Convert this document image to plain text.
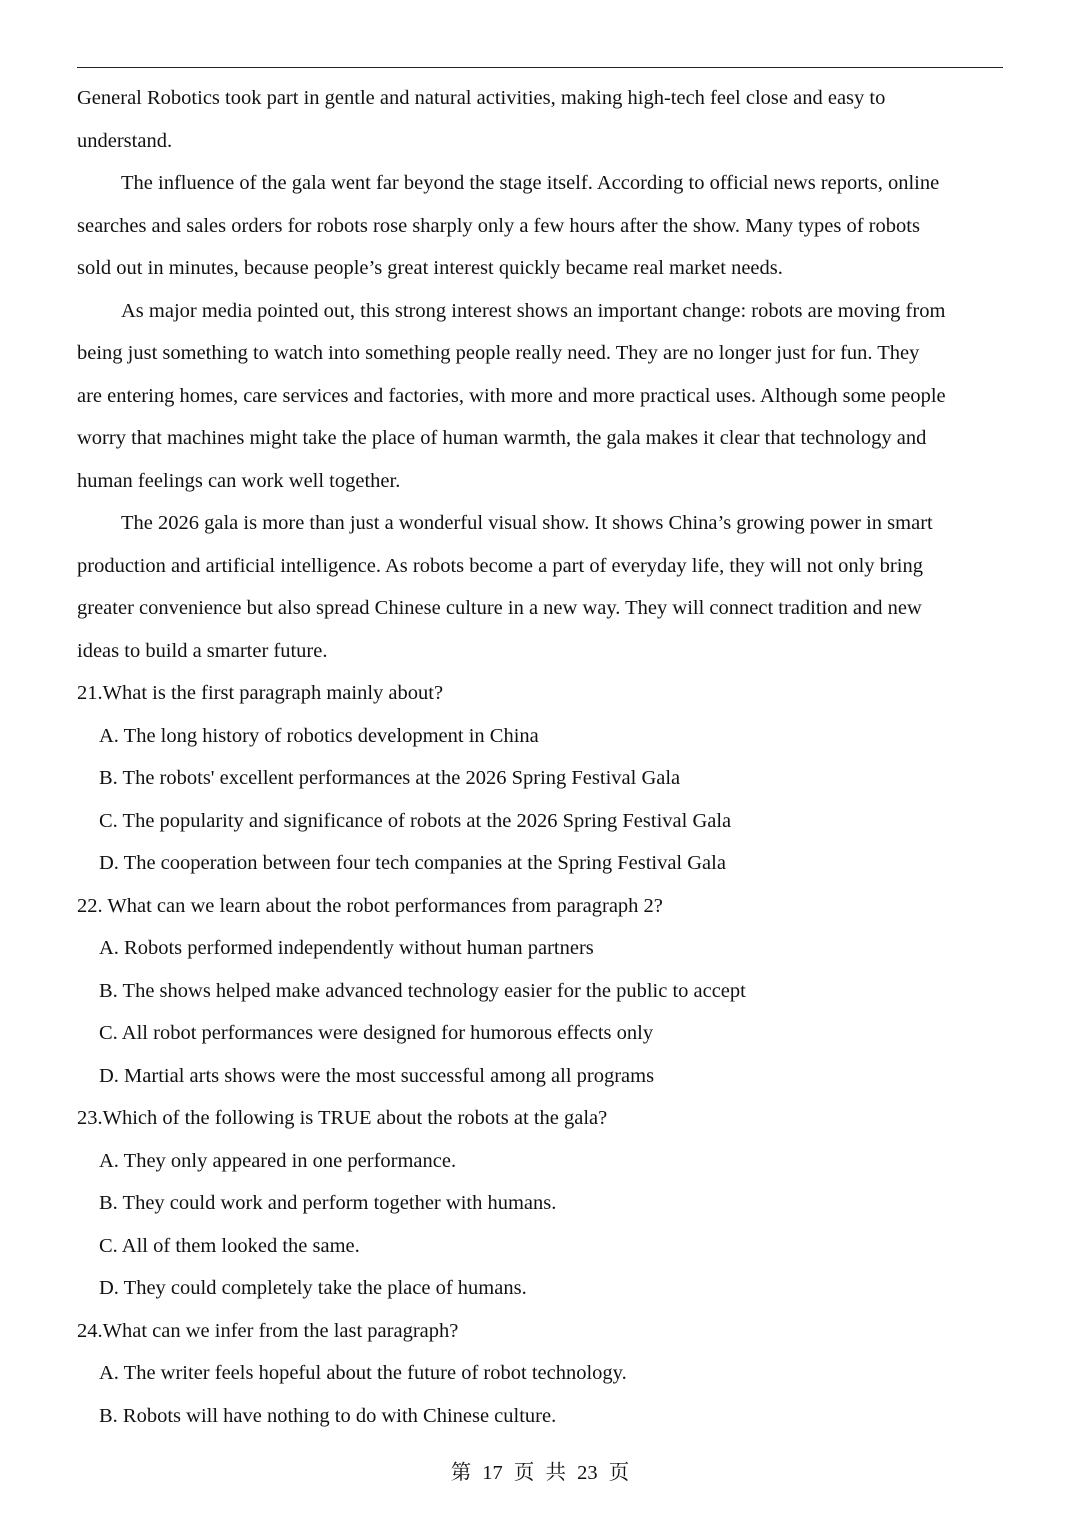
General Robotics took part in gentle and natural activities, making high-tech feel close and easy to

understand.

The influence of the gala went far beyond the stage itself. According to official news reports, online

searches and sales orders for robots rose sharply only a few hours after the show. Many types of robots

sold out in minutes, because people’s great interest quickly became real market needs.

As major media pointed out, this strong interest shows an important change: robots are moving from

being just something to watch into something people really need. They are no longer just for fun. They

are entering homes, care services and factories, with more and more practical uses. Although some people

worry that machines might take the place of human warmth, the gala makes it clear that technology and

human feelings can work well together.

The 2026 gala is more than just a wonderful visual show. It shows China’s growing power in smart

production and artificial intelligence. As robots become a part of everyday life, they will not only bring

greater convenience but also spread Chinese culture in a new way. They will connect tradition and new

ideas to build a smarter future.

21.What is the first paragraph mainly about?

A. The long history of robotics development in China

B. The robots' excellent performances at the 2026 Spring Festival Gala

C. The popularity and significance of robots at the 2026 Spring Festival Gala

D. The cooperation between four tech companies at the Spring Festival Gala

22. What can we learn about the robot performances from paragraph 2?

A. Robots performed independently without human partners

B. The shows helped make advanced technology easier for the public to accept

C. All robot performances were designed for humorous effects only

D. Martial arts shows were the most successful among all programs

23.Which of the following is TRUE about the robots at the gala?

A. They only appeared in one performance.

B. They could work and perform together with humans.

C. All of them looked the same.

D. They could completely take the place of humans.

24.What can we infer from the last paragraph?

A. The writer feels hopeful about the future of robot technology.

B. Robots will have nothing to do with Chinese culture.

第 17 页 共 23 页
